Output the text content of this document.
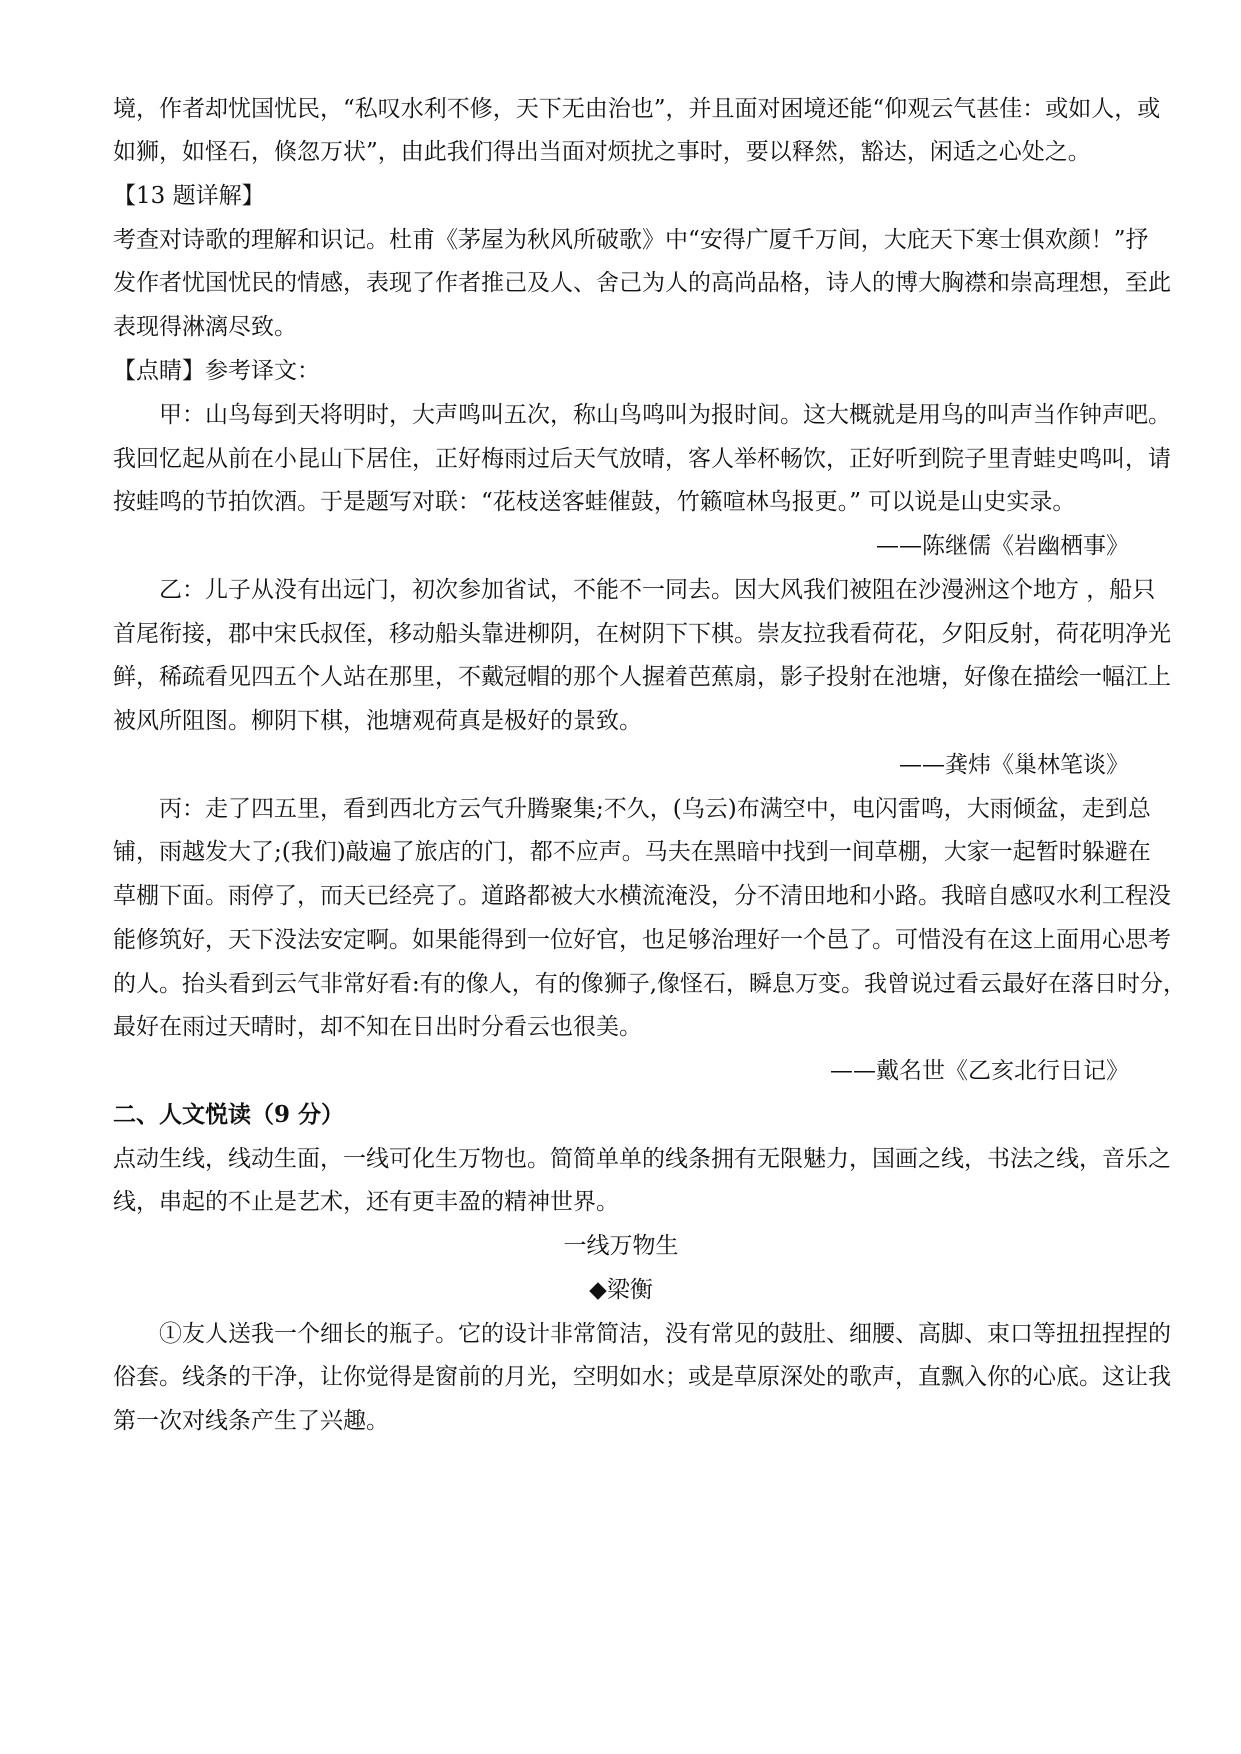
境，作者却忧国忧民，“私叹水利不修，天下无由治也”，并且面对困境还能“仰观云气甚佳：或如人，或
如狮，如怪石，倏忽万状”，由此我们得出当面对烦扰之事时，要以释然，豁达，闲适之心处之。
【13 题详解】
考查对诗歌的理解和识记。杜甫《茅屋为秋风所破歌》中“安得广厦千万间，大庇天下寒士俱欢颜！”抒
发作者忧国忧民的情感，表现了作者推己及人、舍己为人的高尚品格，诗人的博大胸襟和崇高理想，至此
表现得淋漓尽致。
【点睛】参考译文：
　　甲：山鸟每到天将明时，大声鸣叫五次，称山鸟鸣叫为报时间。这大概就是用鸟的叫声当作钟声吧。
我回忆起从前在小昆山下居住，正好梅雨过后天气放晴，客人举杯畅饮，正好听到院子里青蛙史鸣叫，请
按蛙鸣的节拍饮酒。于是题写对联：“花枝送客蛙催鼓，竹籁喧林鸟报更。” 可以说是山史实录。
——陈继儒《岩幽栖事》
　　乙：儿子从没有出远门，初次参加省试，不能不一同去。因大风我们被阻在沙漫洲这个地方 ，船只
首尾衔接，郡中宋氏叔侄，移动船头靠进柳阴，在树阴下下棋。崇友拉我看荷花，夕阳反射，荷花明净光
鲜，稀疏看见四五个人站在那里，不戴冠帽的那个人握着芭蕉扇，影子投射在池塘，好像在描绘一幅江上
被风所阻图。柳阴下棋，池塘观荷真是极好的景致。
——龚炜《巢林笔谈》
　　丙：走了四五里，看到西北方云气升腾聚集;不久，(乌云)布满空中，电闪雷鸣，大雨倾盆，走到总
铺，雨越发大了;(我们)敲遍了旅店的门，都不应声。马夫在黑暗中找到一间草棚，大家一起暂时躲避在
草棚下面。雨停了，而天已经亮了。道路都被大水横流淹没，分不清田地和小路。我暗自感叹水利工程没
能修筑好，天下没法安定啊。如果能得到一位好官，也足够治理好一个邑了。可惜没有在这上面用心思考
的人。抬头看到云气非常好看:有的像人，有的像狮子,像怪石，瞬息万变。我曾说过看云最好在落日时分，
最好在雨过天晴时，却不知在日出时分看云也很美。
——戴名世《乙亥北行日记》
二、人文悦读（9 分）
点动生线，线动生面，一线可化生万物也。简简单单的线条拥有无限魅力，国画之线，书法之线，音乐之
线，串起的不止是艺术，还有更丰盈的精神世界。
一线万物生
◆梁衡
　　①友人送我一个细长的瓶子。它的设计非常简洁，没有常见的鼓肚、细腰、高脚、束口等扭扭捏捏的
俗套。线条的干净，让你觉得是窗前的月光，空明如水；或是草原深处的歌声，直飘入你的心底。这让我
第一次对线条产生了兴趣。
